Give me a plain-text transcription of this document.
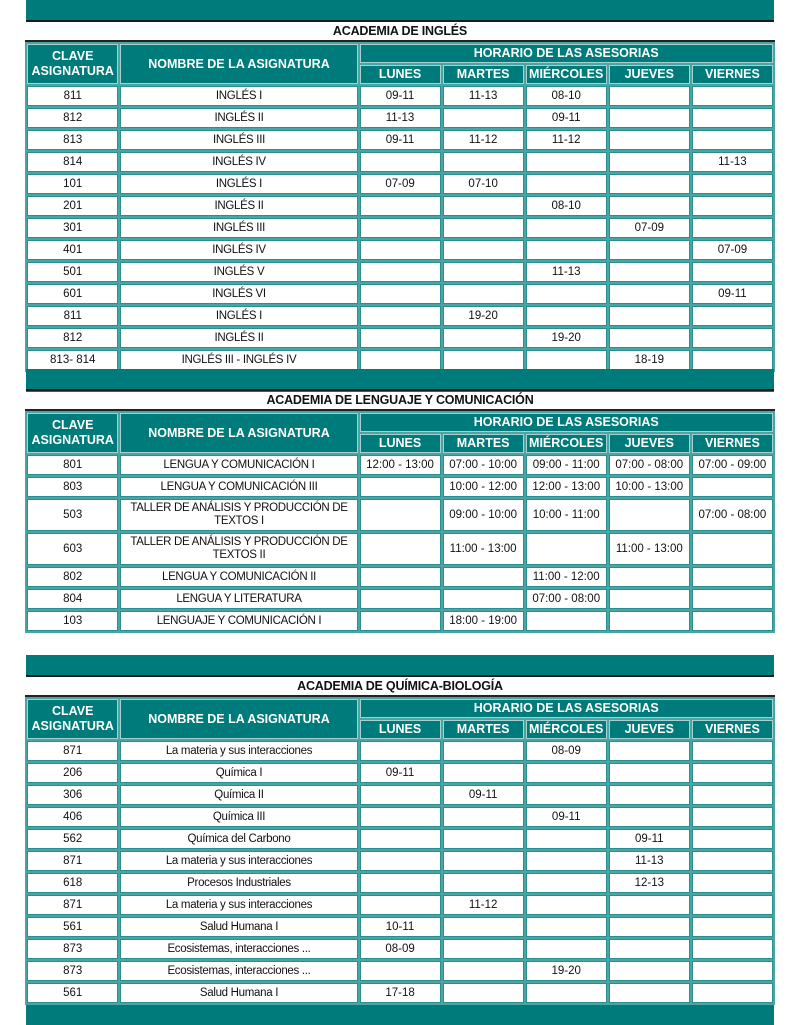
ACADEMIA DE INGLÉS
CLAVE ASIGNATURA	NOMBRE DE LA ASIGNATURA	HORARIO DE LAS ASESORIAS				
		LUNES	MARTES	MIÉRCOLES	JUEVES	VIERNES
811	INGLÉS I	09-11	11-13	08-10		
812	INGLÉS II	11-13		09-11		
813	INGLÉS III	09-11	11-12	11-12		
814	INGLÉS IV					11-13
101	INGLÉS I	07-09	07-10			
201	INGLÉS II			08-10		
301	INGLÉS III				07-09	
401	INGLÉS IV					07-09
501	INGLÉS V			11-13		
601	INGLÉS VI					09-11
811	INGLÉS I		19-20			
812	INGLÉS II			19-20		
813- 814	INGLÉS III - INGLÉS IV				18-19	
ACADEMIA DE LENGUAJE Y COMUNICACIÓN
CLAVE ASIGNATURA	NOMBRE DE LA ASIGNATURA	HORARIO DE LAS ASESORIAS				
		LUNES	MARTES	MIÉRCOLES	JUEVES	VIERNES
801	LENGUA Y COMUNICACIÓN I	12:00 - 13:00	07:00 - 10:00	09:00 - 11:00	07:00 - 08:00	07:00 - 09:00
803	LENGUA Y COMUNICACIÓN III		10:00 - 12:00	12:00 - 13:00	10:00 - 13:00	
503	TALLER DE ANÁLISIS Y PRODUCCIÓN DE TEXTOS I		09:00 - 10:00	10:00 - 11:00		07:00 - 08:00
603	TALLER DE ANÁLISIS Y PRODUCCIÓN DE TEXTOS II		11:00 - 13:00		11:00 - 13:00	
802	LENGUA Y COMUNICACIÓN II			11:00 - 12:00		
804	LENGUA Y LITERATURA			07:00 - 08:00		
103	LENGUAJE Y COMUNICACIÓN I		18:00 - 19:00			
ACADEMIA DE QUÍMICA-BIOLOGÍA
CLAVE ASIGNATURA	NOMBRE DE LA ASIGNATURA	HORARIO DE LAS ASESORIAS				
		LUNES	MARTES	MIÉRCOLES	JUEVES	VIERNES
871	La materia y sus interacciones			08-09		
206	Química I	09-11				
306	Química II		09-11			
406	Química III			09-11		
562	Química del Carbono				09-11	
871	La materia y sus interacciones				11-13	
618	Procesos Industriales				12-13	
871	La materia y sus interacciones		11-12			
561	Salud Humana I	10-11				
873	Ecosistemas, interacciones ...	08-09				
873	Ecosistemas, interacciones ...			19-20		
561	Salud Humana I	17-18				
